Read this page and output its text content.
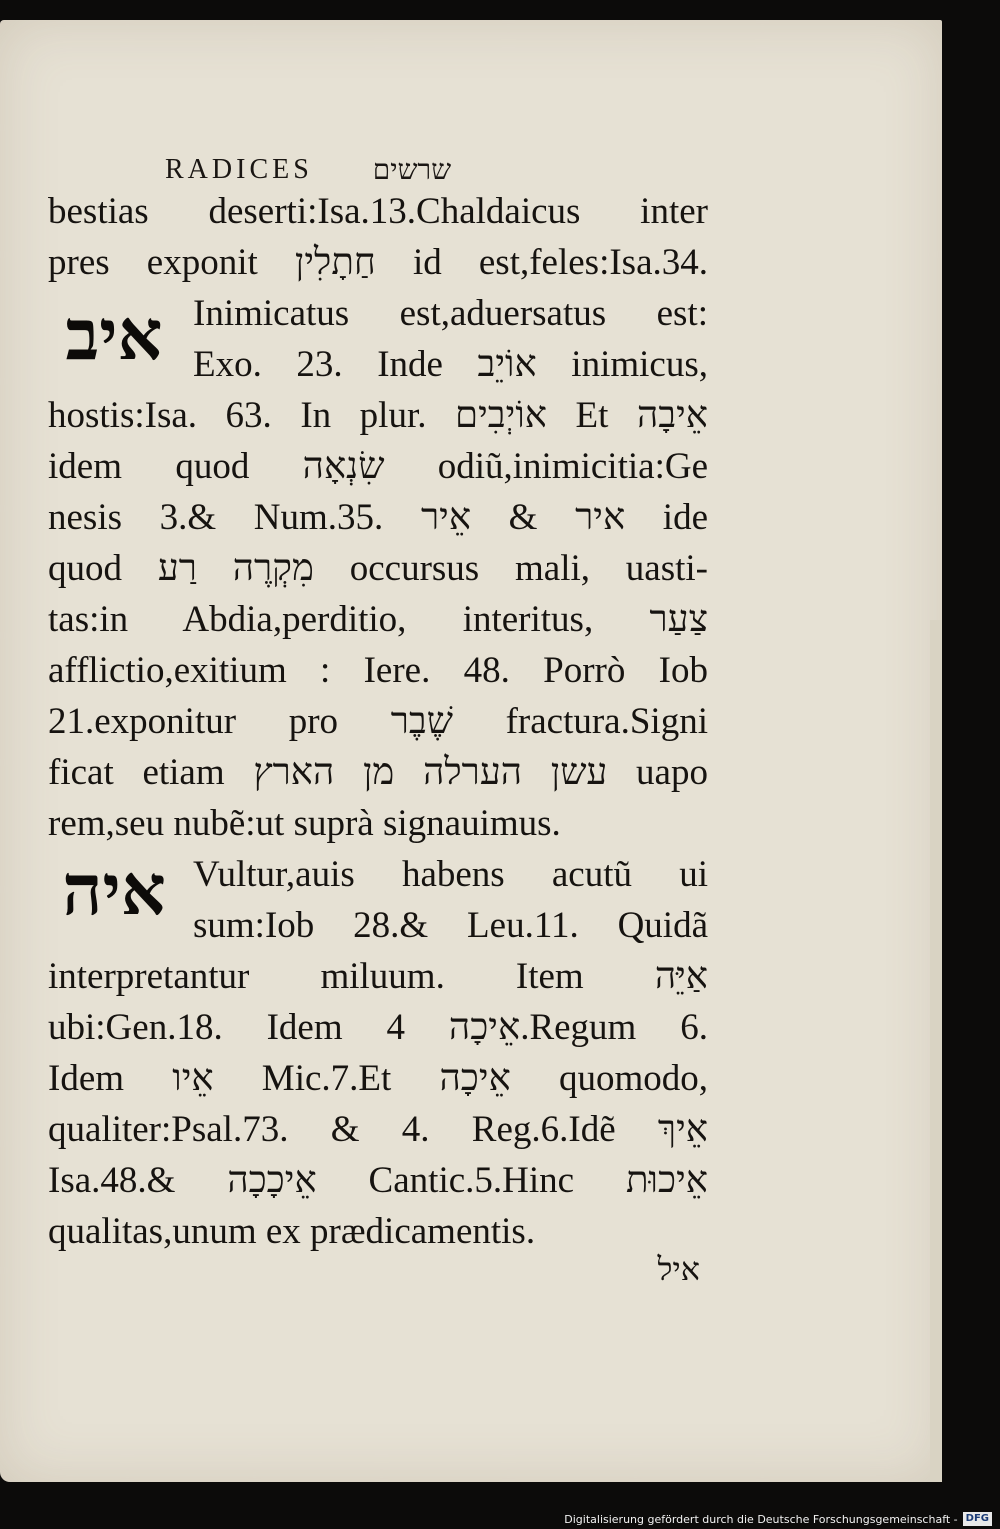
RADICES שרשים
איב
איה
bestias deserti:Isa.13.Chaldaicus inter
pres exponit חַתָלִין id est,feles:Isa.34.
Inimicatus est,aduersatus est:
Exo. 23. Inde אוֹיֵב inimicus,
hostis:Isa. 63. In plur. אוֹיְבִים Et אֵיבָה
idem quod שִׂנְאָה odiũ,inimicitia:Ge
nesis 3.& Num.35. איר & אֵיר ide
quod מִקְרֶה רַע occursus mali, uasti-
tas:in Abdia,perditio, interitus, צַעַר
afflictio,exitium : Iere. 48. Porrò Iob
21.exponitur pro שֶׁבֶר fractura.Signi
ficat etiam עשן הערלה מן הארץ uapo
rem,seu nubẽ:ut suprà signauimus.
Vultur,auis habens acutũ ui
sum:Iob 28.& Leu.11. Quidã
interpretantur miluum. Item אַיֵּה
ubi:Gen.18. Idem אֵיכָה 4.Regum 6.
Idem אֵיו Mic.7.Et אֵיכָה quomodo,
qualiter:Psal.73. & 4. Reg.6.Idẽ אֵיךְ
Isa.48.& אֵיכָכָה Cantic.5.Hinc אֵיכוּת
qualitas,unum ex prædicamentis.
איל
Digitalisierung gefördert durch die Deutsche Forschungsgemeinschaft - DFG
